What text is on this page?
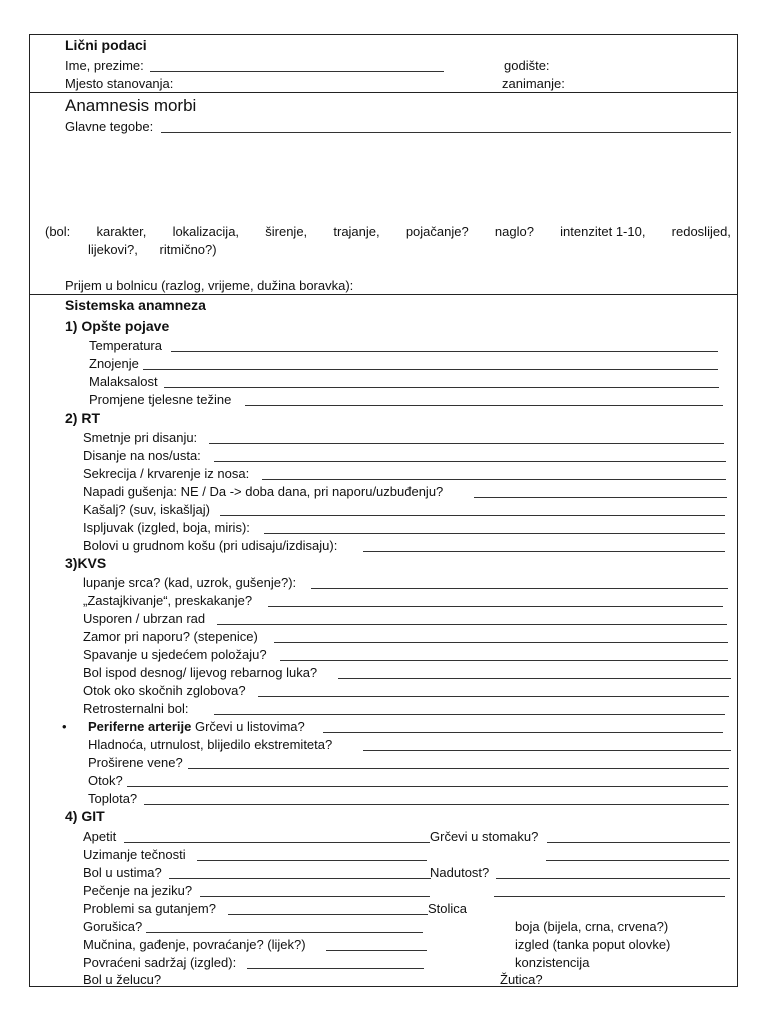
Lični podaci
Ime, prezime:	godište:
Mjesto stanovanja:	zanimanje:
Anamnesis morbi
Glavne tegobe:
(bol: karakter, lokalizacija, širenje, trajanje, pojačanje? naglo? intenzitet 1-10, redoslijed,
lijekovi?,      ritmično?)
Prijem u bolnicu (razlog, vrijeme, dužina boravka):
Sistemska anamneza
1) Opšte pojave
Temperatura
Znojenje
Malaksalost
Promjene tjelesne težine
2) RT
Smetnje pri disanju:
Disanje na nos/usta:
Sekrecija / krvarenje iz nosa:
Napadi gušenja: NE / Da -> doba dana, pri naporu/uzbuđenju?
Kašalj? (suv, iskašljaj)
Ispljuvak (izgled, boja, miris):
Bolovi u grudnom košu (pri udisaju/izdisaju):
3)KVS
lupanje srca? (kad, uzrok, gušenje?):
„Zastajkivanje“, preskakanje?
Usporen / ubrzan rad
Zamor pri naporu? (stepenice)
Spavanje u sjedećem položaju?
Bol ispod desnog/ lijevog rebarnog luka?
Otok oko skočnih zglobova?
Retrosternalni bol:
• Periferne arterije Grčevi u listovima?
Hladnoća, utrnulost, blijedilo ekstremiteta?
Proširene vene?
Otok?
Toplota?
4) GIT
Apetit	Grčevi u stomaku?
Uzimanje tečnosti
Bol u ustima?	Nadutost?
Pečenje na jeziku?
Problemi sa gutanjem?	Stolica
Gorušica?	boja (bijela, crna, crvena?)
Mučnina, gađenje, povraćanje? (lijek?)	izgled (tanka poput olovke)
Povraćeni sadržaj (izgled):	konzistencija
Bol u želucu?	Žutica?
